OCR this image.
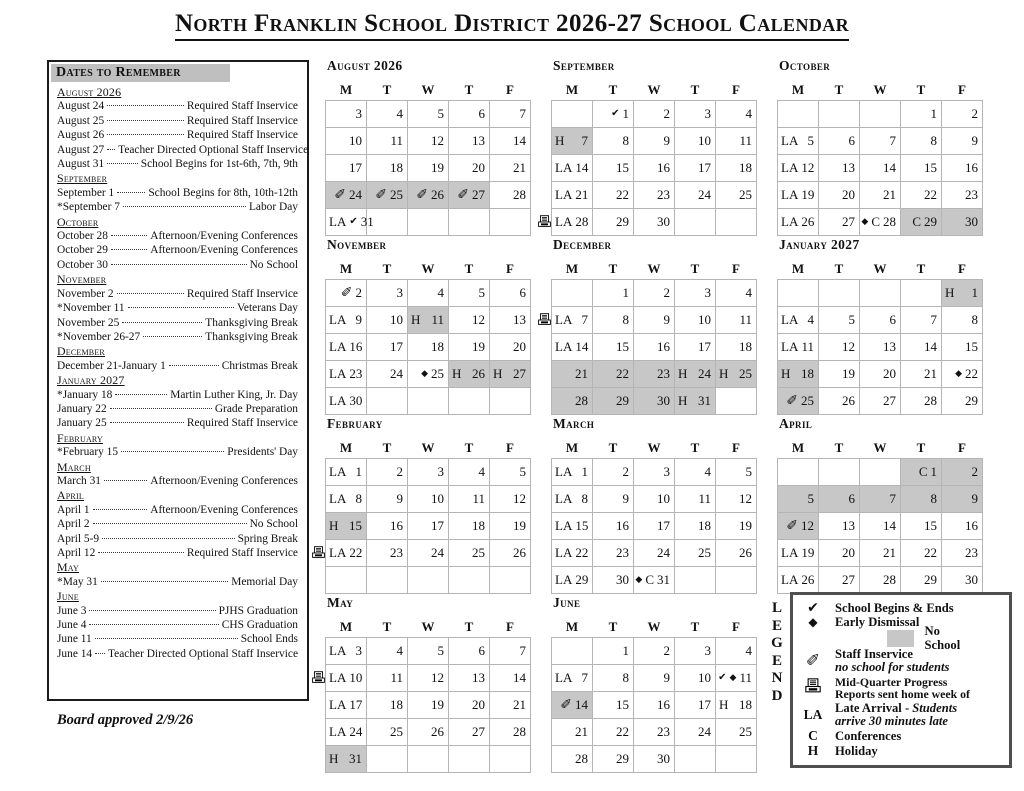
North Franklin School District 2026-27 School Calendar
Dates to Remember
August 2026
August 24	Required Staff Inservice
August 25	Required Staff Inservice
August 26	Required Staff Inservice
August 27 Teacher Directed Optional Staff Inservice
August 31	School Begins for 1st-6th, 7th, 9th
September
September 1	School Begins for 8th, 10th-12th
*September 7	Labor Day
October
October 28	Afternoon/Evening Conferences
October 29	Afternoon/Evening Conferences
October 30	No School
November
November 2	Required Staff Inservice
*November 11	Veterans Day
November 25	Thanksgiving Break
*November 26-27	Thanksgiving Break
December
December 21-January 1	Christmas Break
January 2027
*January 18	Martin Luther King, Jr. Day
January 22	Grade Preparation
January 25	Required Staff Inservice
February
*February 15	Presidents' Day
March
March 31	Afternoon/Evening Conferences
April
April 1	Afternoon/Evening Conferences
April 2	No School
April 5-9	Spring Break
April 12	Required Staff Inservice
May
*May 31	Memorial Day
June
June 3	PJHS Graduation
June 4	CHS Graduation
June 11	School Ends
June 14 Teacher Directed Optional Staff Inservice
August 2026
M	T	W	T	F

3	4	5	6	7

10	11	12	13	14

17	18	19	20	21

✐ 24	✐ 25	✐ 26	✐ 27	28

LA ✔ 31				

September
M	T	W	T	F

	✔ 1	2	3	4

H 7	8	9	10	11

LA 14	15	16	17	18

LA 21	22	23	24	25

LA 28	29	30		

October
M	T	W	T	F

			1	2

LA 5	6	7	8	9

LA 12	13	14	15	16

LA 19	20	21	22	23

LA 26	27	◆ C 28	C 29	30
November
M	T	W	T	F

✐ 2	3	4	5	6

LA 9	10	H 11	12	13

LA 16	17	18	19	20

LA 23	24	◆ 25	H 26	H 27

LA 30				

December
M	T	W	T	F

	1	2	3	4

LA 7	8	9	10	11

LA 14	15	16	17	18

21	22	23	H 24	H 25

28	29	30	H 31	

January 2027
M	T	W	T	F

				H 1

LA 4	5	6	7	8

LA 11	12	13	14	15

H 18	19	20	21	◆ 22

✐ 25	26	27	28	29
February
M	T	W	T	F

LA 1	2	3	4	5

LA 8	9	10	11	12

H 15	16	17	18	19

LA 22	23	24	25	26

March
M	T	W	T	F

LA 1	2	3	4	5

LA 8	9	10	11	12

LA 15	16	17	18	19

LA 22	23	24	25	26

LA 29	30	◆ C 31		

April
M	T	W	T	F

			C 1	2

5	6	7	8	9

✐ 12	13	14	15	16

LA 19	20	21	22	23

LA 26	27	28	29	30
May
M	T	W	T	F

LA 3	4	5	6	7

LA 10	11	12	13	14

LA 17	18	19	20	21

LA 24	25	26	27	28

H 31				

June
M	T	W	T	F

	1	2	3	4

LA 7	8	9	10	✔ ◆ 11

✐ 14	15	16	17	H 18

21	22	23	24	25

28	29	30		

L
E
G
E
N
D
✔	School Begins & Ends
◆	Early Dismissal
No School
✐	Staff Inservice
no school for students
Mid-Quarter Progress
Reports sent home week of
LA	Late Arrival - Students
arrive 30 minutes late
C	Conferences
H	Holiday
Board approved 2/9/26
